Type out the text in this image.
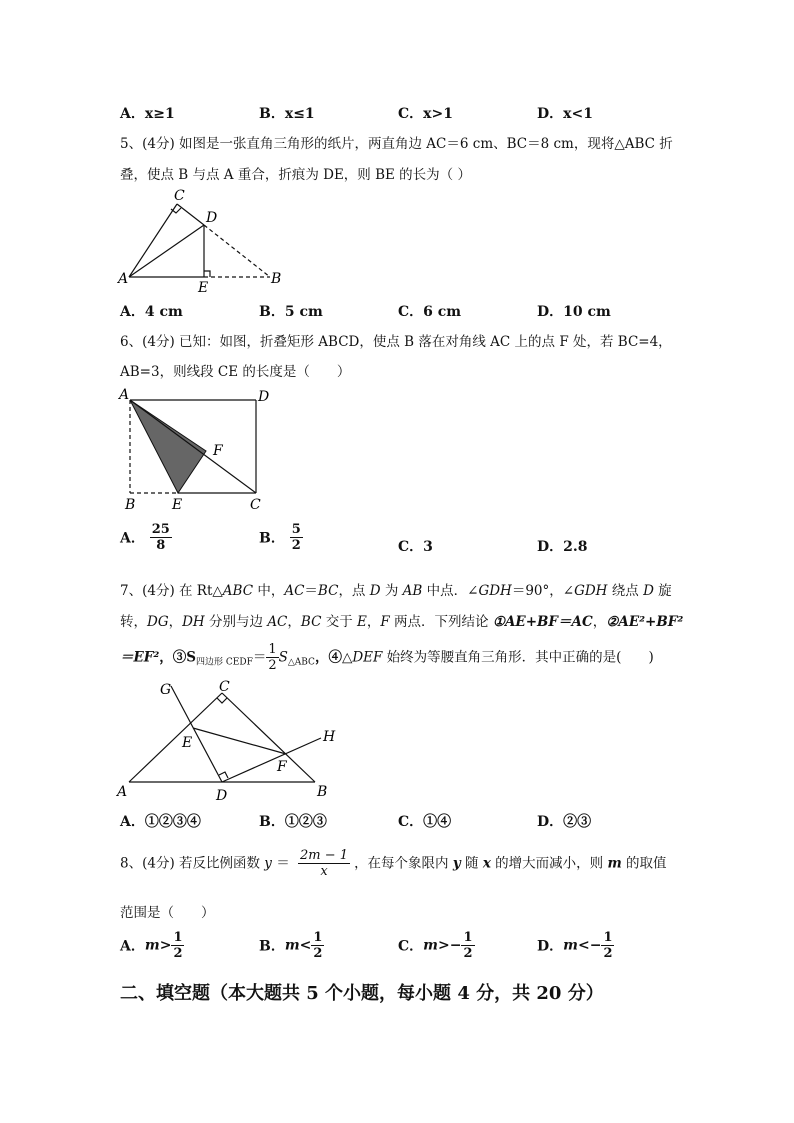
A．x≥1	B．x≤1	C．x>1	D．x<1
5、(4分) 如图是一张直角三角形的纸片，两直角边 AC＝6 cm、BC＝8 cm，现将△ABC 折
叠，使点 B 与点 A 重合，折痕为 DE，则 BE 的长为（ ）
A
C
D
E
B
A．4 cm	B．5 cm	C．6 cm	D．10 cm
6、(4分) 已知：如图，折叠矩形 ABCD，使点 B 落在对角线 AC 上的点 F 处，若 BC=4，
AB=3，则线段 CE 的长度是（　　）
A	D
F
B	E	C
A． $\frac{25}{8}$	B． $\frac{5}{2}$	C．3	D．2.8
7、(4分) 在 Rt△ABC 中，AC＝BC，点 D 为 AB 中点．∠GDH＝90°，∠GDH 绕点 D 旋
转，DG，DH 分别与边 AC，BC 交于 E，F 两点．下列结论 ①AE+BF＝AC，②AE²+BF²
＝EF²，$③S_{四边形 CEDF}= \frac{1}{2} S_{\triangle ABC}$，④△DEF 始终为等腰直角三角形．其中正确的是(　　)
A
C
G
E
F
H
D	B
A．①②③④	B．①②③	C．①④	D．②③
8、(4分) 若反比例函数 $y = \frac{2m - 1}{x}$ ，在每个象限内 y 随 x 的增大而减小，则 m 的取值
范围是（　　）
A．$m> \frac{1}{2}$	B．$m< \frac{1}{2}$	C．$m>- \frac{1}{2}$	D．$m<- \frac{1}{2}$
二、填空题（本大题共 5 个小题，每小题 4 分，共 20 分）
